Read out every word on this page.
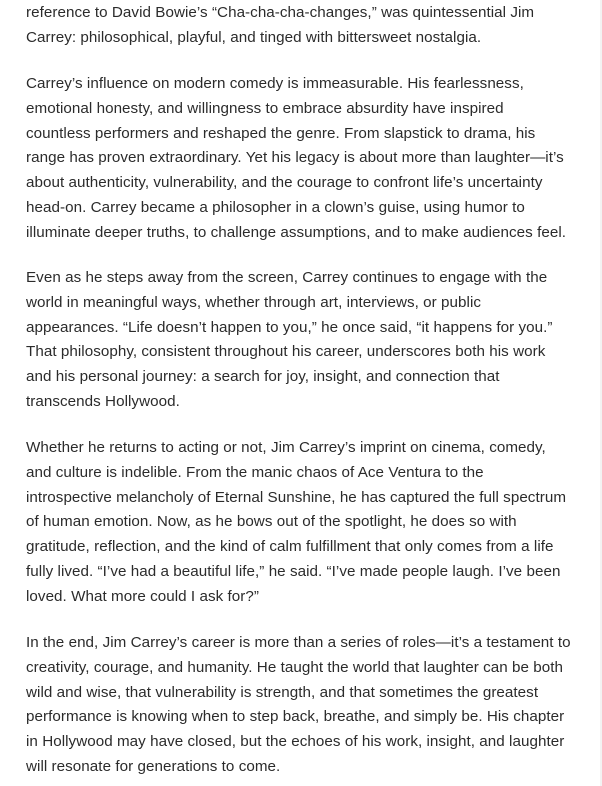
reference to David Bowie’s “Cha-cha-cha-changes,” was quintessential Jim
Carrey: philosophical, playful, and tinged with bittersweet nostalgia.

Carrey’s influence on modern comedy is immeasurable. His fearlessness,
emotional honesty, and willingness to embrace absurdity have inspired
countless performers and reshaped the genre. From slapstick to drama, his
range has proven extraordinary. Yet his legacy is about more than laughter—it’s
about authenticity, vulnerability, and the courage to confront life’s uncertainty
head-on. Carrey became a philosopher in a clown’s guise, using humor to
illuminate deeper truths, to challenge assumptions, and to make audiences feel.

Even as he steps away from the screen, Carrey continues to engage with the
world in meaningful ways, whether through art, interviews, or public
appearances. “Life doesn’t happen to you,” he once said, “it happens for you.”
That philosophy, consistent throughout his career, underscores both his work
and his personal journey: a search for joy, insight, and connection that
transcends Hollywood.

Whether he returns to acting or not, Jim Carrey’s imprint on cinema, comedy,
and culture is indelible. From the manic chaos of Ace Ventura to the
introspective melancholy of Eternal Sunshine, he has captured the full spectrum
of human emotion. Now, as he bows out of the spotlight, he does so with
gratitude, reflection, and the kind of calm fulfillment that only comes from a life
fully lived. “I’ve had a beautiful life,” he said. “I’ve made people laugh. I’ve been
loved. What more could I ask for?”

In the end, Jim Carrey’s career is more than a series of roles—it’s a testament to
creativity, courage, and humanity. He taught the world that laughter can be both
wild and wise, that vulnerability is strength, and that sometimes the greatest
performance is knowing when to step back, breathe, and simply be. His chapter
in Hollywood may have closed, but the echoes of his work, insight, and laughter
will resonate for generations to come.
